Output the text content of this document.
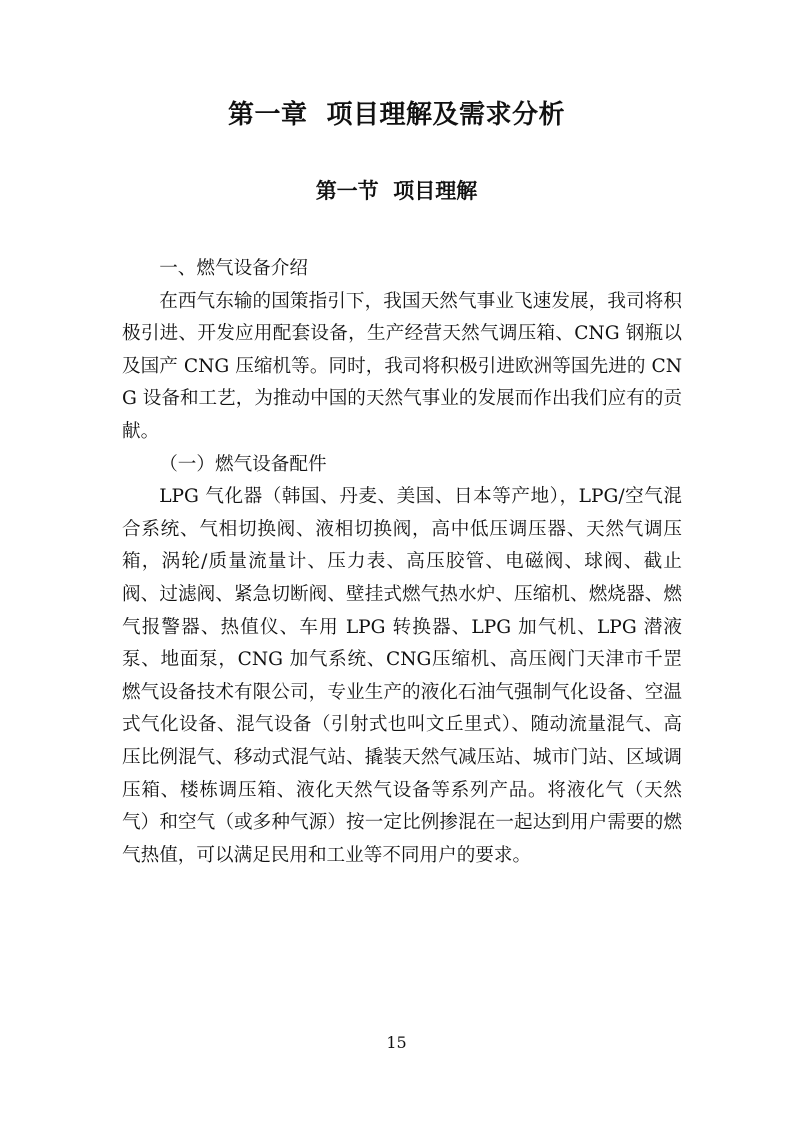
第一章  项目理解及需求分析
第一节  项目理解

一、燃气设备介绍

在西气东输的国策指引下，我国天然气事业飞速发展，我司将积极引进、开发应用配套设备，生产经营天然气调压箱、CNG 钢瓶以及国产 CNG 压缩机等。同时，我司将积极引进欧洲等国先进的 CNG 设备和工艺，为推动中国的天然气事业的发展而作出我们应有的贡献。

（一）燃气设备配件

LPG 气化器（韩国、丹麦、美国、日本等产地），LPG/空气混合系统、气相切换阀、液相切换阀，高中低压调压器、天然气调压箱，涡轮/质量流量计、压力表、高压胶管、电磁阀、球阀、截止阀、过滤阀、紧急切断阀、壁挂式燃气热水炉、压缩机、燃烧器、燃气报警器、热值仪、车用 LPG 转换器、LPG 加气机、LPG 潜液泵、地面泵，CNG 加气系统、CNG压缩机、高压阀门天津市千罡燃气设备技术有限公司，专业生产的液化石油气强制气化设备、空温式气化设备、混气设备（引射式也叫文丘里式）、随动流量混气、高压比例混气、移动式混气站、撬装天然气减压站、城市门站、区域调压箱、楼栋调压箱、液化天然气设备等系列产品。将液化气（天然气）和空气（或多种气源）按一定比例掺混在一起达到用户需要的燃气热值，可以满足民用和工业等不同用户的要求。

15
